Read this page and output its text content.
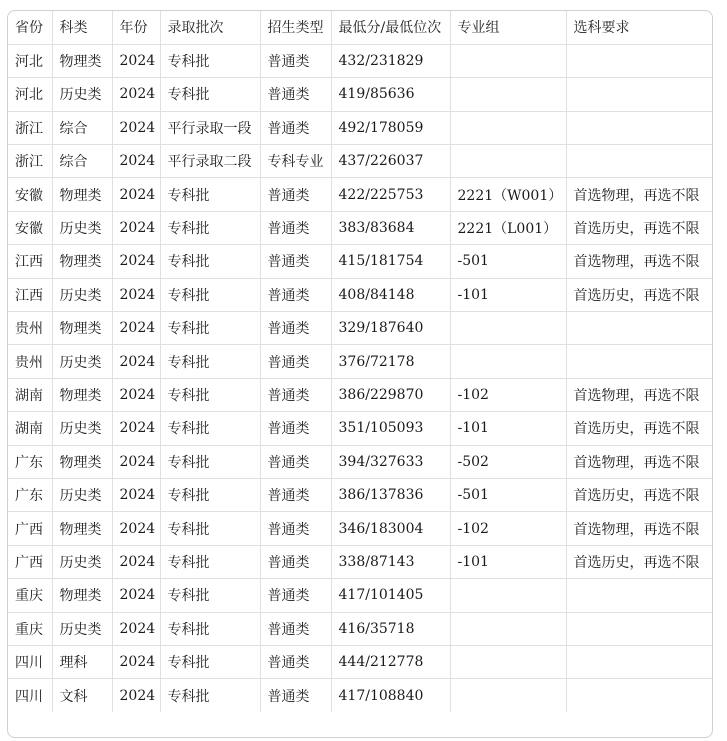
省份	科类	年份	录取批次	招生类型	最低分/最低位次	专业组	选科要求
河北	物理类	2024	专科批	普通类	432/231829		
河北	历史类	2024	专科批	普通类	419/85636		
浙江	综合	2024	平行录取一段	普通类	492/178059		
浙江	综合	2024	平行录取二段	专科专业	437/226037		
安徽	物理类	2024	专科批	普通类	422/225753	2221（W001）	首选物理，再选不限
安徽	历史类	2024	专科批	普通类	383/83684	2221（L001）	首选历史，再选不限
江西	物理类	2024	专科批	普通类	415/181754	-501	首选物理，再选不限
江西	历史类	2024	专科批	普通类	408/84148	-101	首选历史，再选不限
贵州	物理类	2024	专科批	普通类	329/187640		
贵州	历史类	2024	专科批	普通类	376/72178		
湖南	物理类	2024	专科批	普通类	386/229870	-102	首选物理，再选不限
湖南	历史类	2024	专科批	普通类	351/105093	-101	首选历史，再选不限
广东	物理类	2024	专科批	普通类	394/327633	-502	首选物理，再选不限
广东	历史类	2024	专科批	普通类	386/137836	-501	首选历史，再选不限
广西	物理类	2024	专科批	普通类	346/183004	-102	首选物理，再选不限
广西	历史类	2024	专科批	普通类	338/87143	-101	首选历史，再选不限
重庆	物理类	2024	专科批	普通类	417/101405		
重庆	历史类	2024	专科批	普通类	416/35718		
四川	理科	2024	专科批	普通类	444/212778		
四川	文科	2024	专科批	普通类	417/108840		
